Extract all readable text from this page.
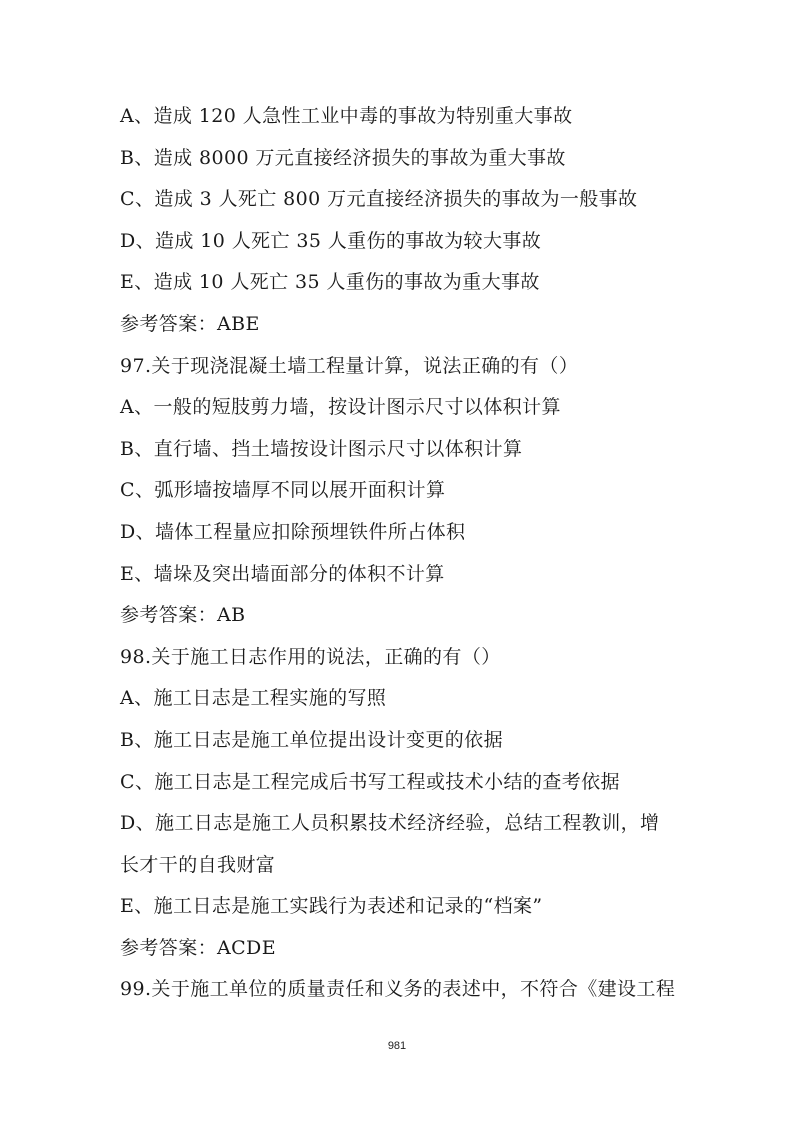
A、造成 120 人急性工业中毒的事故为特别重大事故
B、造成 8000 万元直接经济损失的事故为重大事故
C、造成 3 人死亡 800 万元直接经济损失的事故为一般事故
D、造成 10 人死亡 35 人重伤的事故为较大事故
E、造成 10 人死亡 35 人重伤的事故为重大事故
参考答案：ABE
97.关于现浇混凝土墙工程量计算，说法正确的有（）
A、一般的短肢剪力墙，按设计图示尺寸以体积计算
B、直行墙、挡土墙按设计图示尺寸以体积计算
C、弧形墙按墙厚不同以展开面积计算
D、墙体工程量应扣除预埋铁件所占体积
E、墙垛及突出墙面部分的体积不计算
参考答案：AB
98.关于施工日志作用的说法，正确的有（）
A、施工日志是工程实施的写照
B、施工日志是施工单位提出设计变更的依据
C、施工日志是工程完成后书写工程或技术小结的查考依据
D、施工日志是施工人员积累技术经济经验，总结工程教训，增
长才干的自我财富
E、施工日志是施工实践行为表述和记录的“档案”
参考答案：ACDE
99.关于施工单位的质量责任和义务的表述中，不符合《建设工程
981
